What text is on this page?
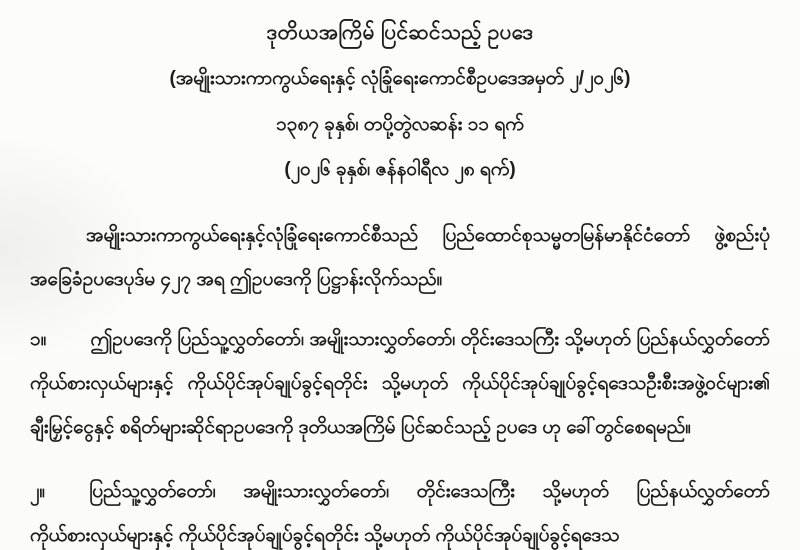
ဒုတိယအကြိမ် ပြင်ဆင်သည့် ဥပဒေ
(အမျိုးသားကာကွယ်ရေးနှင့် လုံခြုံရေးကောင်စီဥပဒေအမှတ် ၂/၂၀၂၆)
၁၃၈၇ ခုနှစ်၊ တပို့တွဲလဆန်း ၁၁ ရက်
(၂၀၂၆ ခုနှစ်၊ ဇန်နဝါရီလ ၂၈ ရက်)

အမျိုးသားကာကွယ်ရေးနှင့်လုံခြုံရေးကောင်စီသည် ပြည်ထောင်စုသမ္မတမြန်မာနိုင်ငံတော် ဖွဲ့စည်းပုံအခြေခံဥပဒေပုဒ်မ ၄၂၇ အရ ဤဥပဒေကို ပြဋ္ဌာန်းလိုက်သည်။

၁။ ဤဥပဒေကို ပြည်သူ့လွှတ်တော်၊ အမျိုးသားလွှတ်တော်၊ တိုင်းဒေသကြီး သို့မဟုတ် ပြည်နယ်လွှတ်တော်ကိုယ်စားလှယ်များနှင့် ကိုယ်ပိုင်အုပ်ချုပ်ခွင့်ရတိုင်း သို့မဟုတ် ကိုယ်ပိုင်အုပ်ချုပ်ခွင့်ရဒေသဦးစီးအဖွဲ့ဝင်များ၏ ချီးမြှင့်ငွေနှင့် စရိတ်များဆိုင်ရာဥပဒေကို ဒုတိယအကြိမ် ပြင်ဆင်သည့် ဥပဒေ ဟု ခေါ်တွင်စေရမည်။

၂။ ပြည်သူ့လွှတ်တော်၊ အမျိုးသားလွှတ်တော်၊ တိုင်းဒေသကြီး သို့မဟုတ် ပြည်နယ်လွှတ်တော် ကိုယ်စားလှယ်များနှင့် ကိုယ်ပိုင်အုပ်ချုပ်ခွင့်ရတိုင်း သို့မဟုတ် ကိုယ်ပိုင်အုပ်ချုပ်ခွင့်ရဒေသ
